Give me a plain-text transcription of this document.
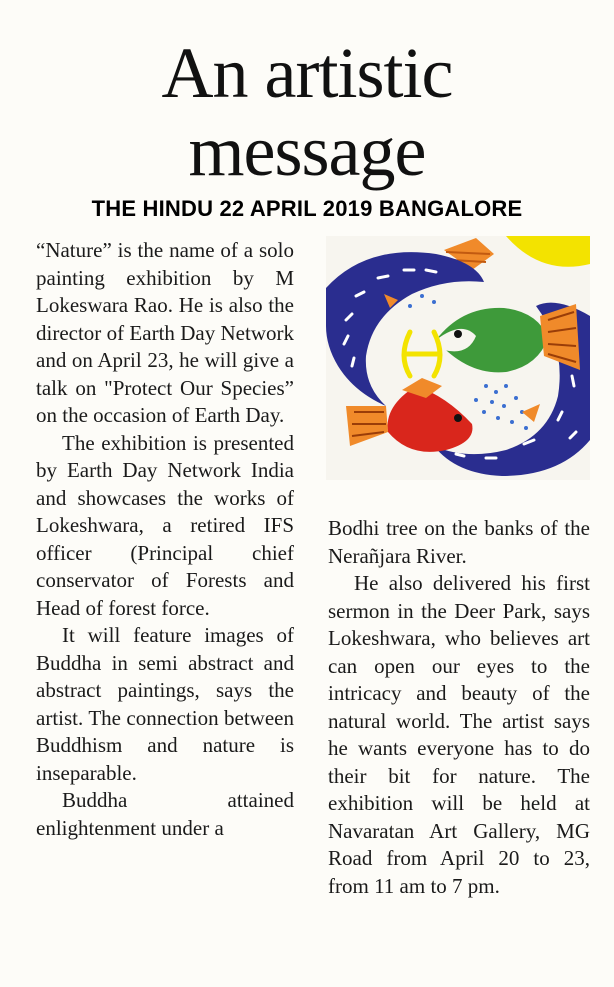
An artistic
message
THE HINDU 22 APRIL 2019 BANGALORE

“Nature” is the name of a solo painting exhibition by M Lokeswara Rao. He is also the director of Earth Day Network and on April 23, he will give a talk on "Protect Our Species” on the occasion of Earth Day.

The exhibition is presented by Earth Day Network India and showcases the works of Lokeshwara, a retired IFS officer (Principal chief conservator of Forests and Head of forest force.

It will feature images of Buddha in semi abstract and abstract paintings, says the artist. The connection between Buddhism and nature is inseparable.

Buddha attained enlightenment under a

Bodhi tree on the banks of the Nerañjara River.

He also delivered his first sermon in the Deer Park, says Lokeshwara, who believes art can open our eyes to the intricacy and beauty of the natural world. The artist says he wants everyone has to do their bit for nature. The exhibition will be held at Navaratan Art Gallery, MG Road from April 20 to 23, from 11 am to 7 pm.
